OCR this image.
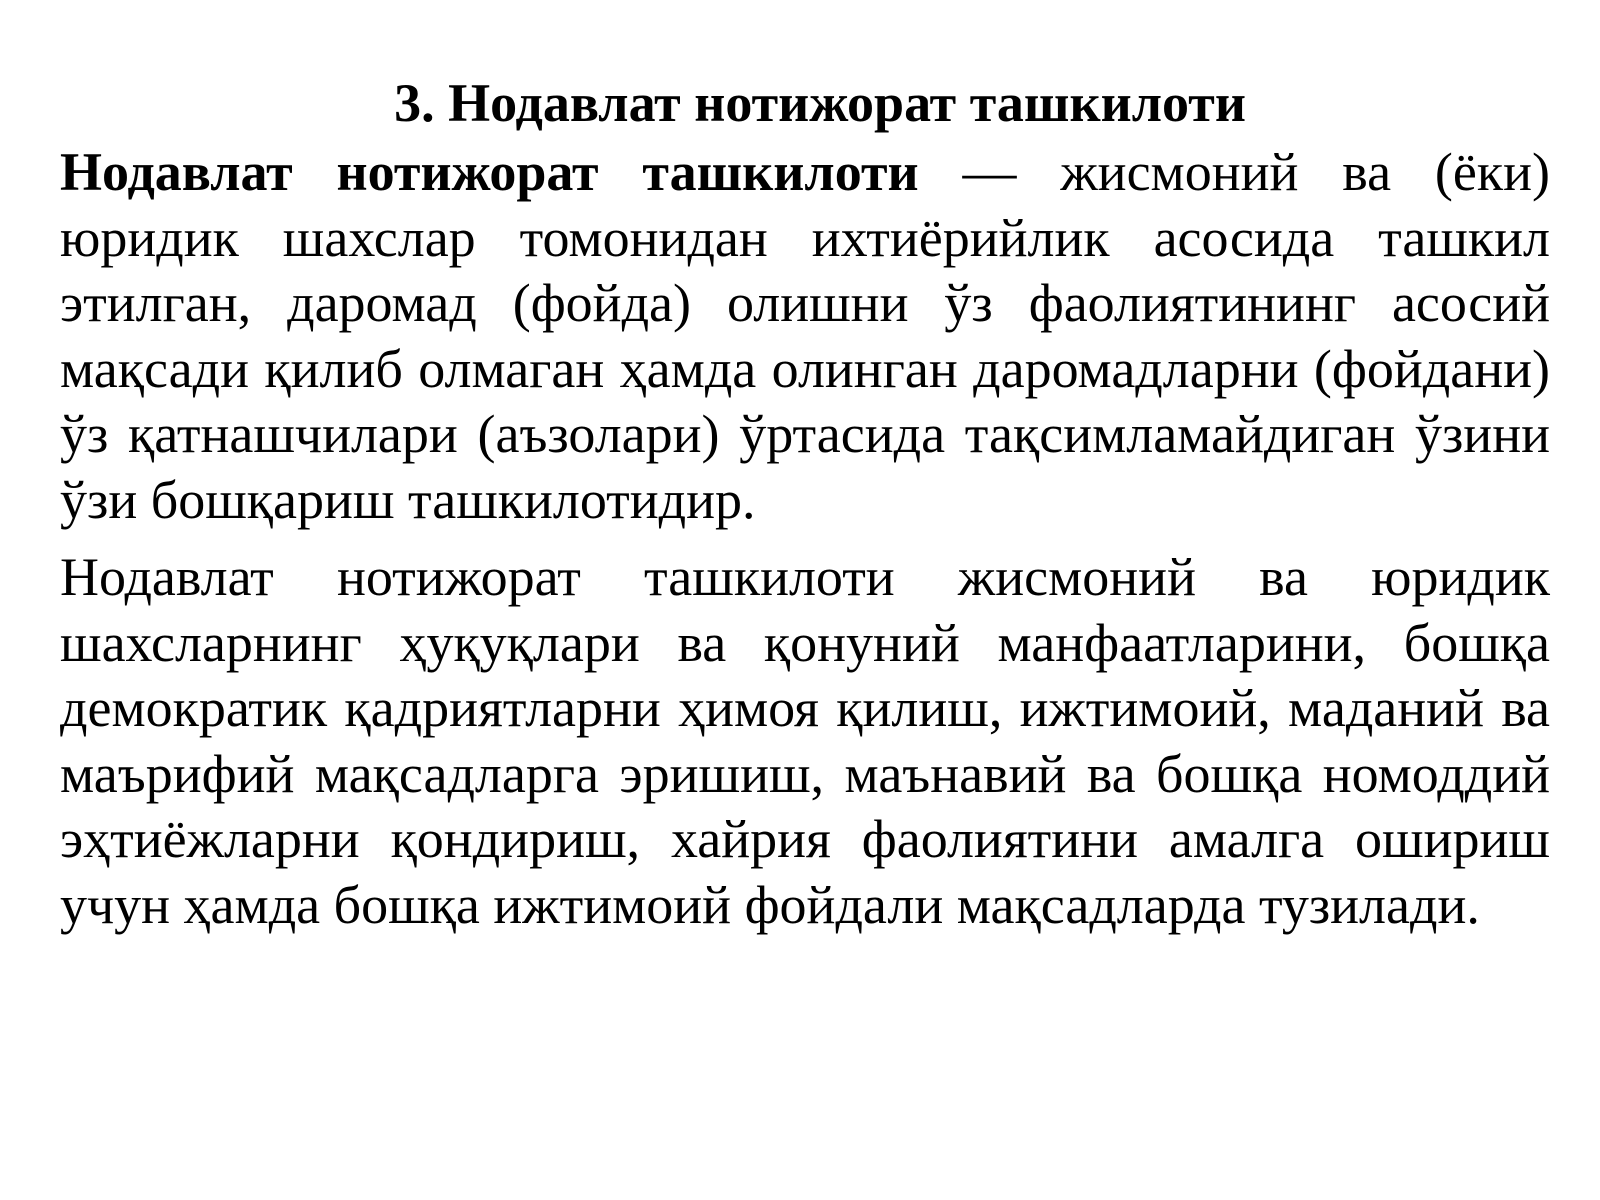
3. Нодавлат нотижорат ташкилоти
Нодавлат нотижорат ташкилоти — жисмоний ва (ёки) юридик шахслар томонидан ихтиёрийлик асосида ташкил этилган, даромад (фойда) олишни ўз фаолиятининг асосий мақсади қилиб олмаган ҳамда олинган даромадларни (фойдани) ўз қатнашчилари (аъзолари) ўртасида тақсимламайдиган ўзини ўзи бошқариш ташкилотидир.
Нодавлат нотижорат ташкилоти жисмоний ва юридик шахсларнинг ҳуқуқлари ва қонуний манфаатларини, бошқа демократик қадриятларни ҳимоя қилиш, ижтимоий, маданий ва маърифий мақсадларга эришиш, маънавий ва бошқа номоддий эҳтиёжларни қондириш, хайрия фаолиятини амалга ошириш учун ҳамда бошқа ижтимоий фойдали мақсадларда тузилади.
